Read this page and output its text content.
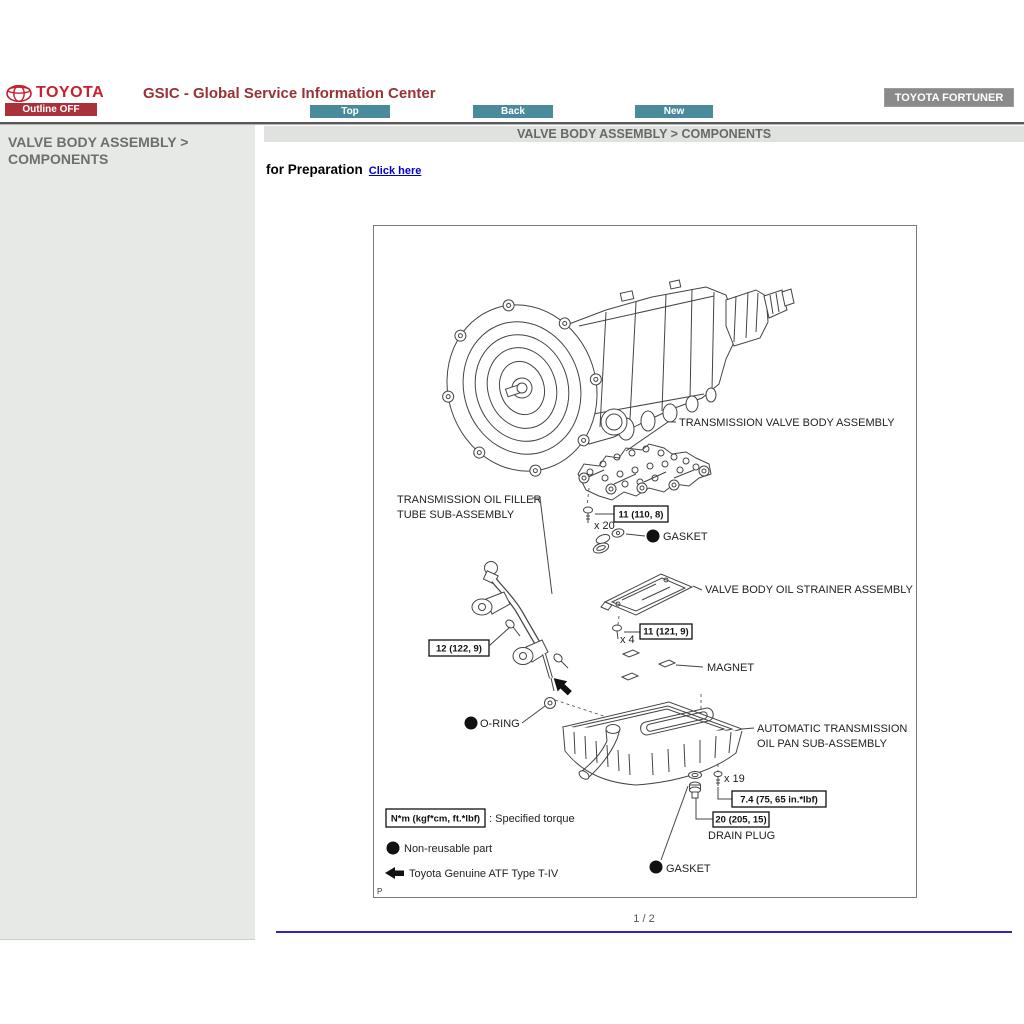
TOYOTA	GSIC - Global Service Information Center	TOYOTA FORTUNER
Outline OFF	Top	Back	New
VALVE BODY ASSEMBLY > COMPONENTS
VALVE BODY ASSEMBLY > COMPONENTS
for Preparation Click here
TRANSMISSION VALVE BODY ASSEMBLY
11 (110, 8)
x 20
GASKET
VALVE BODY OIL STRAINER ASSEMBLY
11 (121, 9)
x 4
MAGNET
TRANSMISSION OIL FILLER
TUBE SUB-ASSEMBLY
12 (122, 9)
O-RING	AUTOMATIC TRANSMISSION
OIL PAN SUB-ASSEMBLY
x 19
7.4 (75, 65 in.*lbf)
20 (205, 15)
DRAIN PLUG
GASKET
N*m (kgf*cm, ft.*lbf) : Specified torque
Non-reusable part
Toyota Genuine ATF Type T-IV
P
1 / 2
